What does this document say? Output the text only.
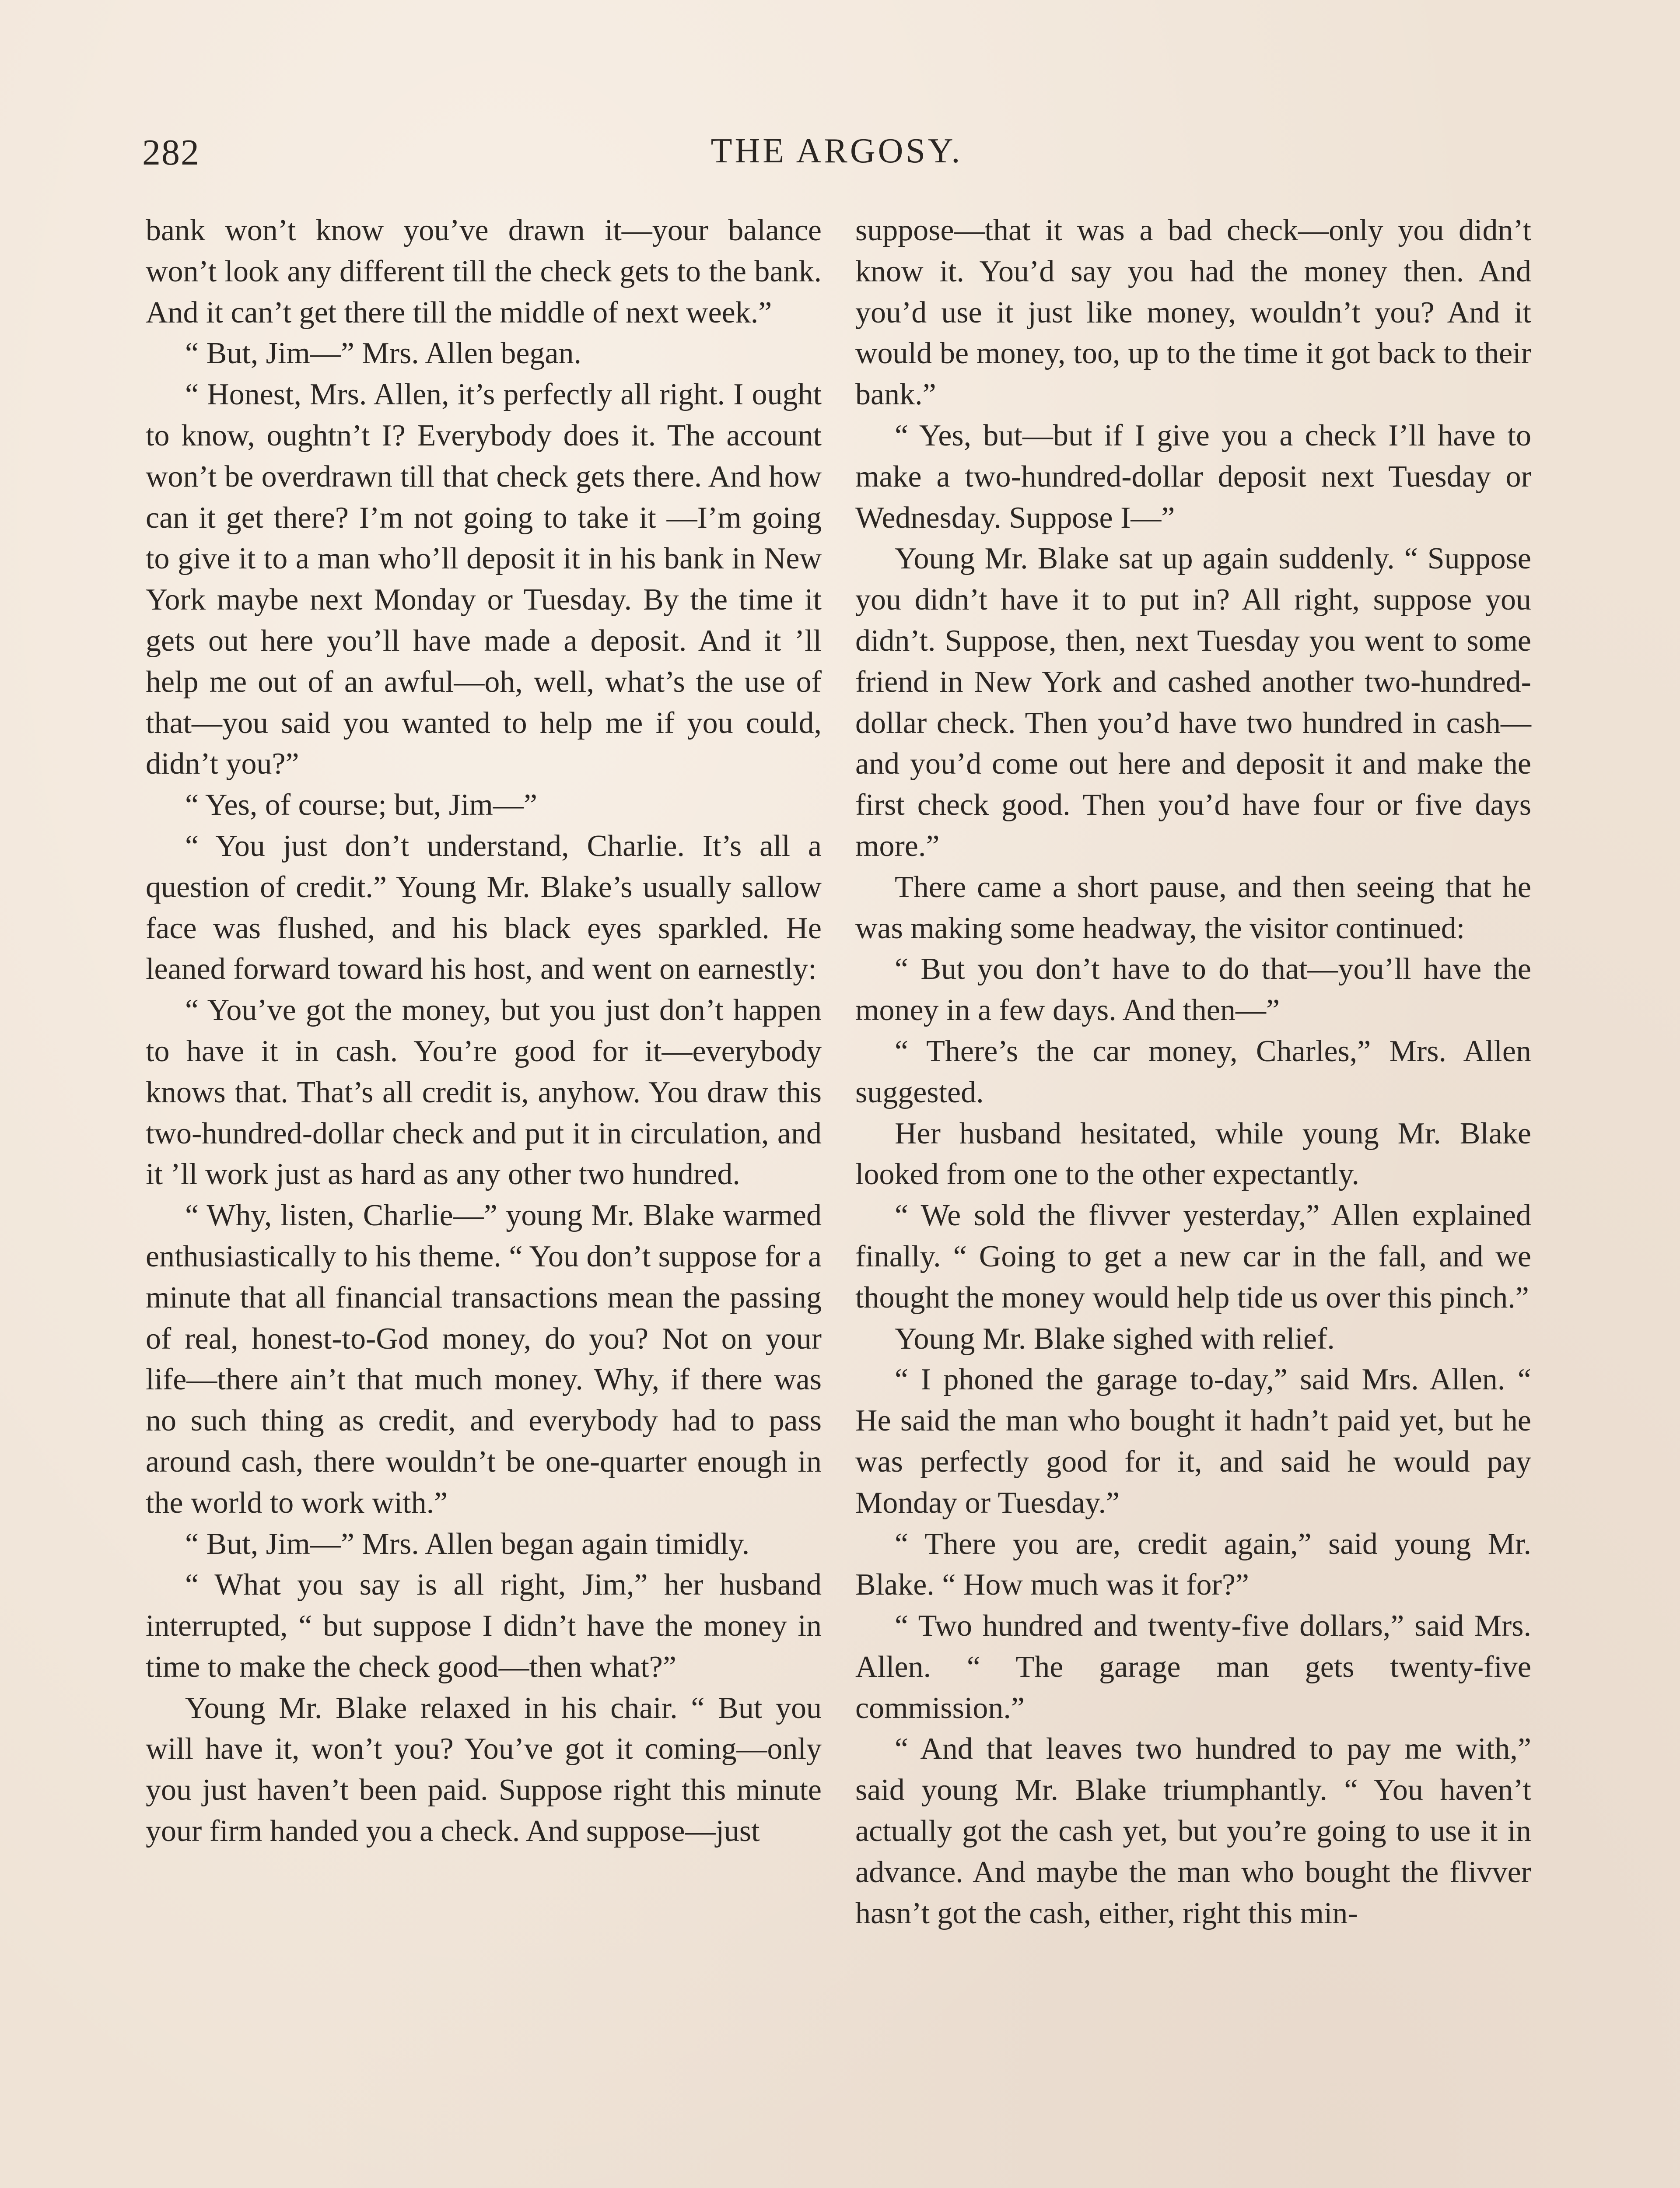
282	THE ARGOSY.

bank won’t know you’ve drawn it—your balance won’t look any different till the check gets to the bank. And it can’t get there till the middle of next week.”

“ But, Jim—” Mrs. Allen began.

“ Honest, Mrs. Allen, it’s perfectly all right. I ought to know, oughtn’t I? Everybody does it. The account won’t be overdrawn till that check gets there. And how can it get there? I’m not going to take it —I’m going to give it to a man who’ll deposit it in his bank in New York maybe next Monday or Tuesday. By the time it gets out here you’ll have made a deposit. And it ’ll help me out of an awful—oh, well, what’s the use of that—you said you wanted to help me if you could, didn’t you?”

“ Yes, of course; but, Jim—”

“ You just don’t understand, Charlie. It’s all a question of credit.” Young Mr. Blake’s usually sallow face was flushed, and his black eyes sparkled. He leaned forward toward his host, and went on earnestly:

“ You’ve got the money, but you just don’t happen to have it in cash. You’re good for it—everybody knows that. That’s all credit is, anyhow. You draw this two-hundred-dollar check and put it in circulation, and it ’ll work just as hard as any other two hundred.

“ Why, listen, Charlie—” young Mr. Blake warmed enthusiastically to his theme. “ You don’t suppose for a minute that all financial transactions mean the passing of real, honest-to-God money, do you? Not on your life—there ain’t that much money. Why, if there was no such thing as credit, and everybody had to pass around cash, there wouldn’t be one-quarter enough in the world to work with.”

“ But, Jim—” Mrs. Allen began again timidly.

“ What you say is all right, Jim,” her husband interrupted, “ but suppose I didn’t have the money in time to make the check good—then what?”

Young Mr. Blake relaxed in his chair. “ But you will have it, won’t you? You’ve got it coming—only you just haven’t been paid. Suppose right this minute your firm handed you a check. And suppose—just

suppose—that it was a bad check—only you didn’t know it. You’d say you had the money then. And you’d use it just like money, wouldn’t you? And it would be money, too, up to the time it got back to their bank.”

“ Yes, but—but if I give you a check I’ll have to make a two-hundred-dollar deposit next Tuesday or Wednesday. Suppose I—”

Young Mr. Blake sat up again suddenly. “ Suppose you didn’t have it to put in? All right, suppose you didn’t. Suppose, then, next Tuesday you went to some friend in New York and cashed another two-hundred-dollar check. Then you’d have two hundred in cash—and you’d come out here and deposit it and make the first check good. Then you’d have four or five days more.”

There came a short pause, and then seeing that he was making some headway, the visitor continued:

“ But you don’t have to do that—you’ll have the money in a few days. And then—”

“ There’s the car money, Charles,” Mrs. Allen suggested.

Her husband hesitated, while young Mr. Blake looked from one to the other expectantly.

“ We sold the flivver yesterday,” Allen explained finally. “ Going to get a new car in the fall, and we thought the money would help tide us over this pinch.”

Young Mr. Blake sighed with relief.

“ I phoned the garage to-day,” said Mrs. Allen. “ He said the man who bought it hadn’t paid yet, but he was perfectly good for it, and said he would pay Monday or Tuesday.”

“ There you are, credit again,” said young Mr. Blake. “ How much was it for?”

“ Two hundred and twenty-five dollars,” said Mrs. Allen. “ The garage man gets twenty-five commission.”

“ And that leaves two hundred to pay me with,” said young Mr. Blake triumphantly. “ You haven’t actually got the cash yet, but you’re going to use it in advance. And maybe the man who bought the flivver hasn’t got the cash, either, right this min-
